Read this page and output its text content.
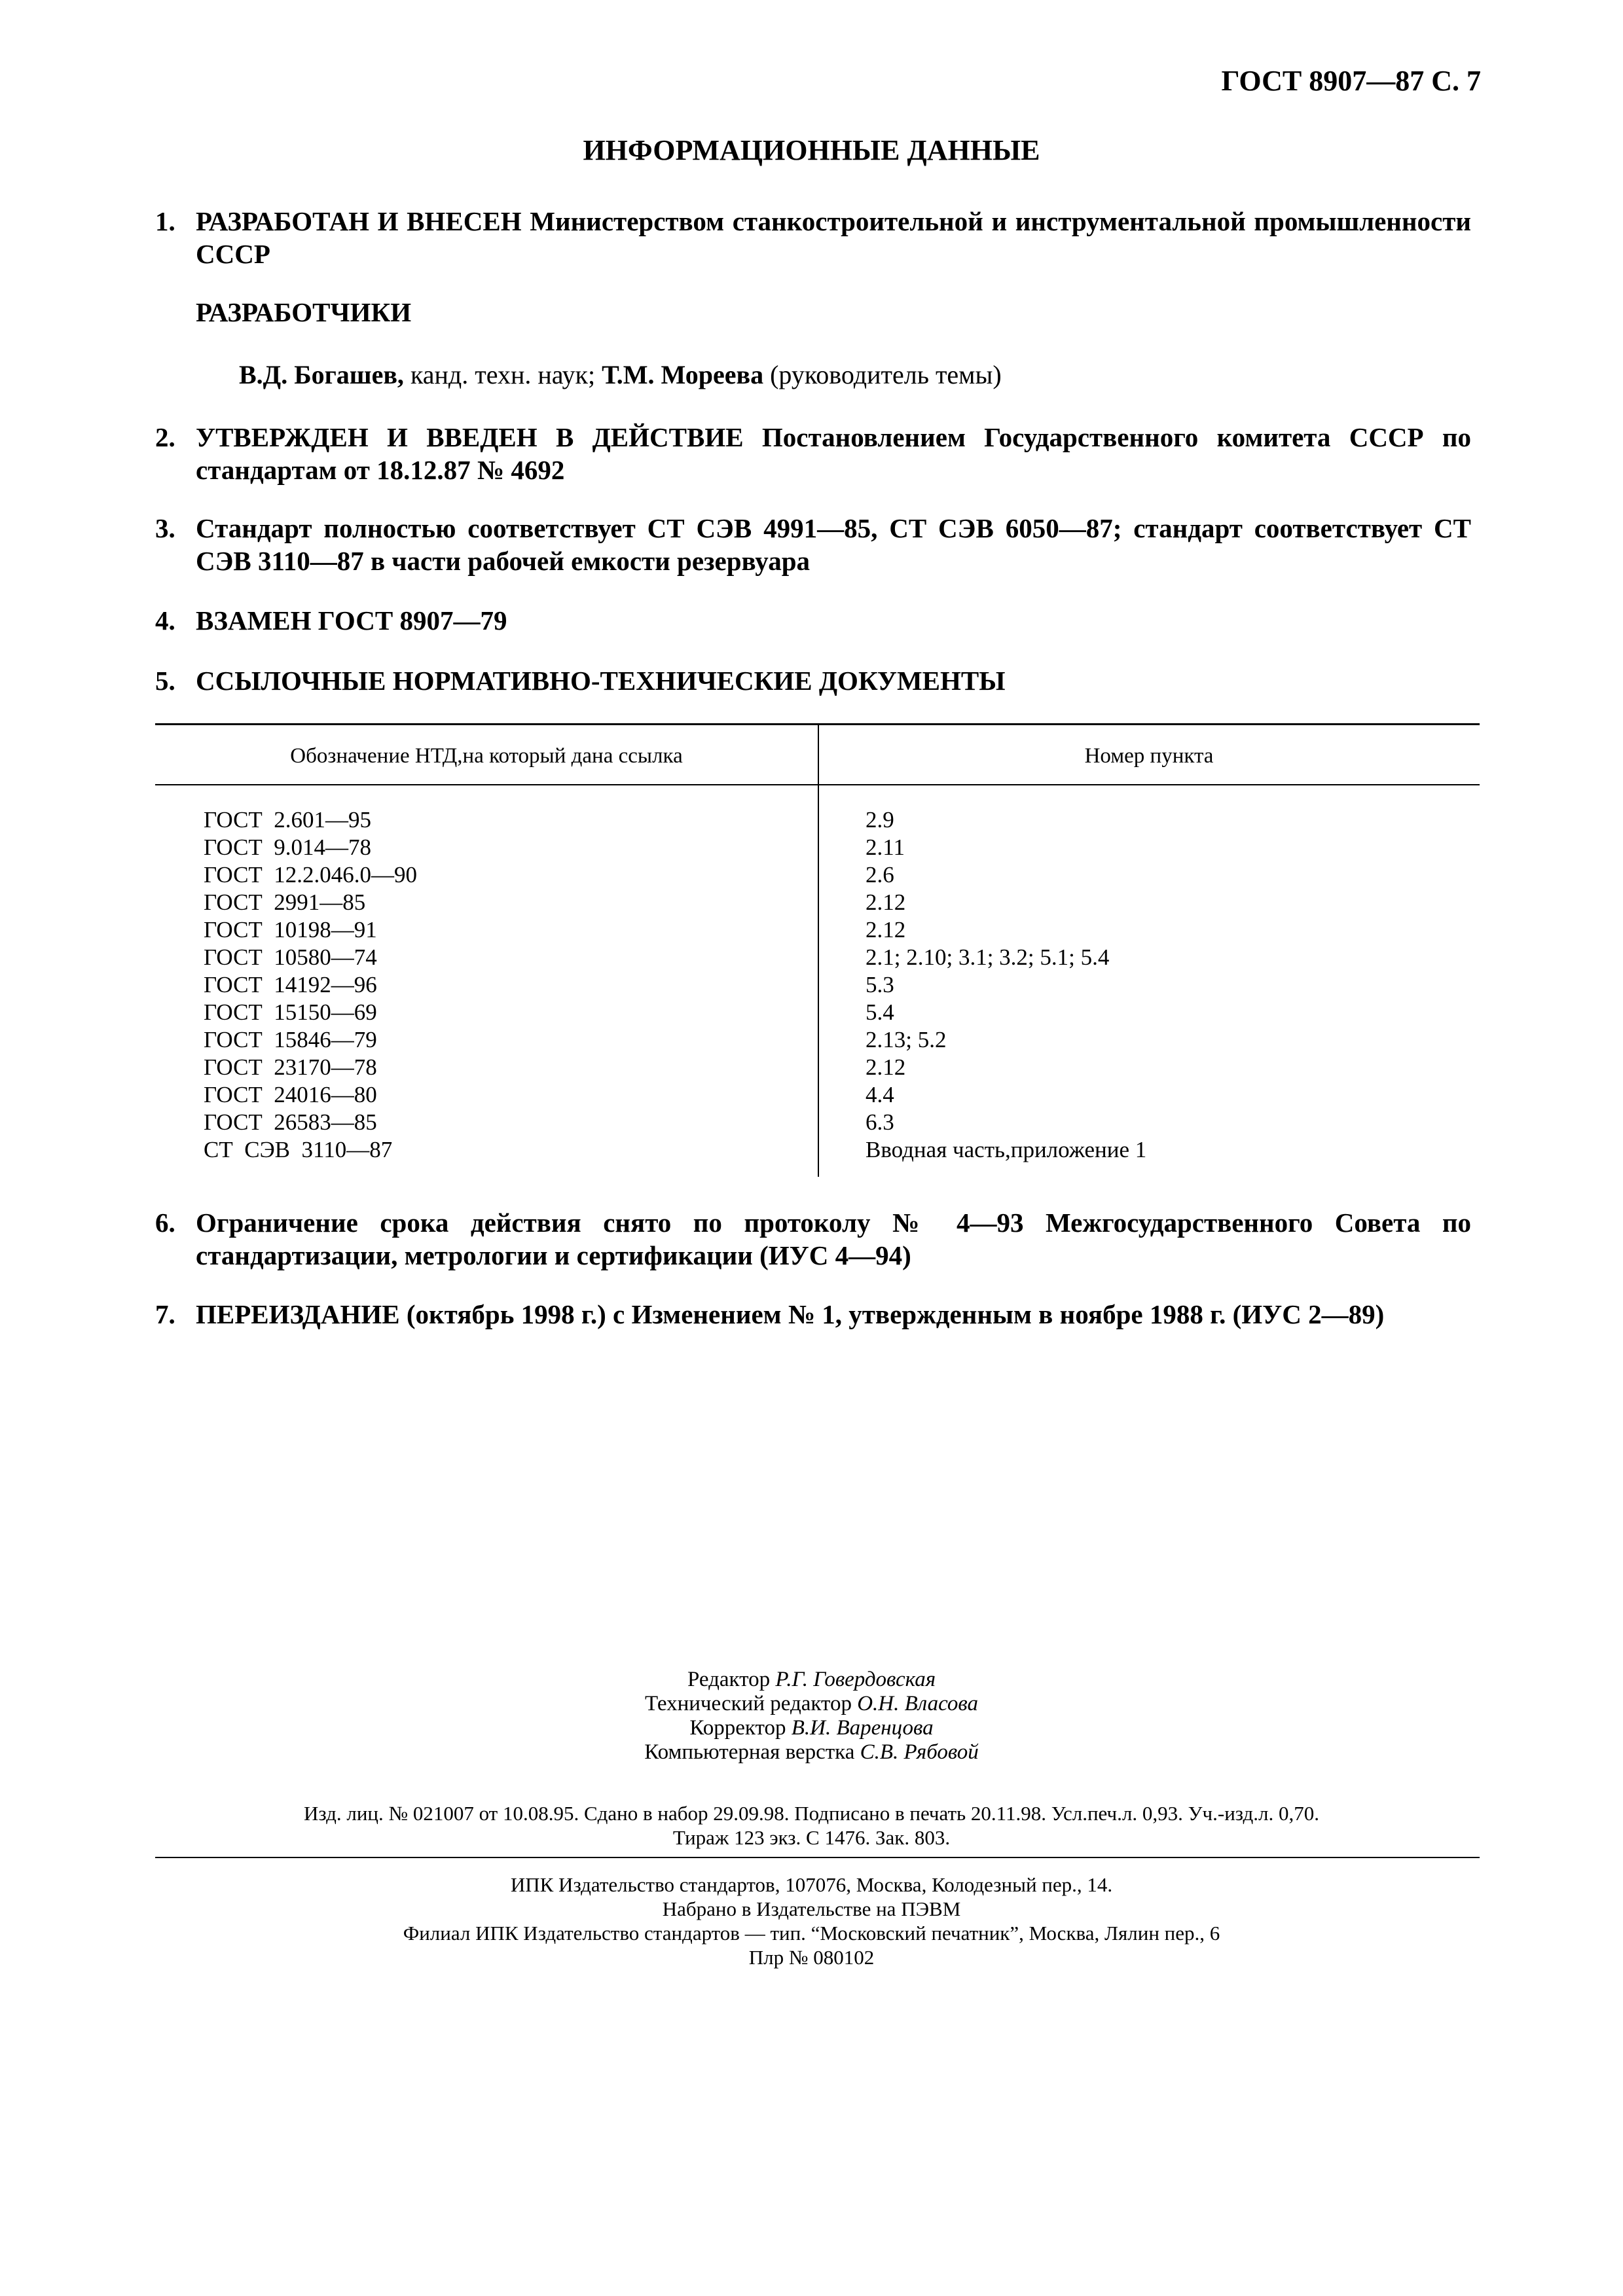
ГОСТ 8907—87 С. 7
ИНФОРМАЦИОННЫЕ ДАННЫЕ
1. РАЗРАБОТАН И ВНЕСЕН Министерством станкостроительной и инструментальной промышленности СССР
РАЗРАБОТЧИКИ
В.Д. Богашев, канд. техн. наук; Т.М. Мореева (руководитель темы)
2. УТВЕРЖДЕН И ВВЕДЕН В ДЕЙСТВИЕ Постановлением Государственного комитета СССР по стандартам от 18.12.87 № 4692
3. Стандарт полностью соответствует СТ СЭВ 4991—85, СТ СЭВ 6050—87; стандарт соответствует СТ СЭВ 3110—87 в части рабочей емкости резервуара
4. ВЗАМЕН ГОСТ 8907—79
5. ССЫЛОЧНЫЕ НОРМАТИВНО-ТЕХНИЧЕСКИЕ ДОКУМЕНТЫ
Обозначение НТД,на который дана ссылка	Номер пункта
ГОСТ  2.601—95
ГОСТ  9.014—78
ГОСТ  12.2.046.0—90
ГОСТ  2991—85
ГОСТ  10198—91
ГОСТ  10580—74
ГОСТ  14192—96
ГОСТ  15150—69
ГОСТ  15846—79
ГОСТ  23170—78
ГОСТ  24016—80
ГОСТ  26583—85
СТ  СЭВ  3110—87
2.9
2.11
2.6
2.12
2.12
2.1; 2.10; 3.1; 3.2; 5.1; 5.4
5.3
5.4
2.13; 5.2
2.12
4.4
6.3
Вводная часть,приложение 1
6. Ограничение срока действия снято по протоколу № 4—93 Межгосударственного Совета по стандартизации, метрологии и сертификации (ИУС 4—94)
7. ПЕРЕИЗДАНИЕ (октябрь 1998 г.) с Изменением № 1, утвержденным в ноябре 1988 г. (ИУС 2—89)
Редактор Р.Г. Говердовская
Технический редактор О.Н. Власова
Корректор В.И. Варенцова
Компьютерная верстка С.В. Рябовой
Изд. лиц. № 021007 от 10.08.95. Сдано в набор 29.09.98. Подписано в печать 20.11.98. Усл.печ.л. 0,93. Уч.-изд.л. 0,70.
Тираж 123 экз. С 1476. Зак. 803.
ИПК Издательство стандартов, 107076, Москва, Колодезный пер., 14.
Набрано в Издательстве на ПЭВМ
Филиал ИПК Издательство стандартов — тип. “Московский печатник”, Москва, Лялин пер., 6
Плр № 080102
